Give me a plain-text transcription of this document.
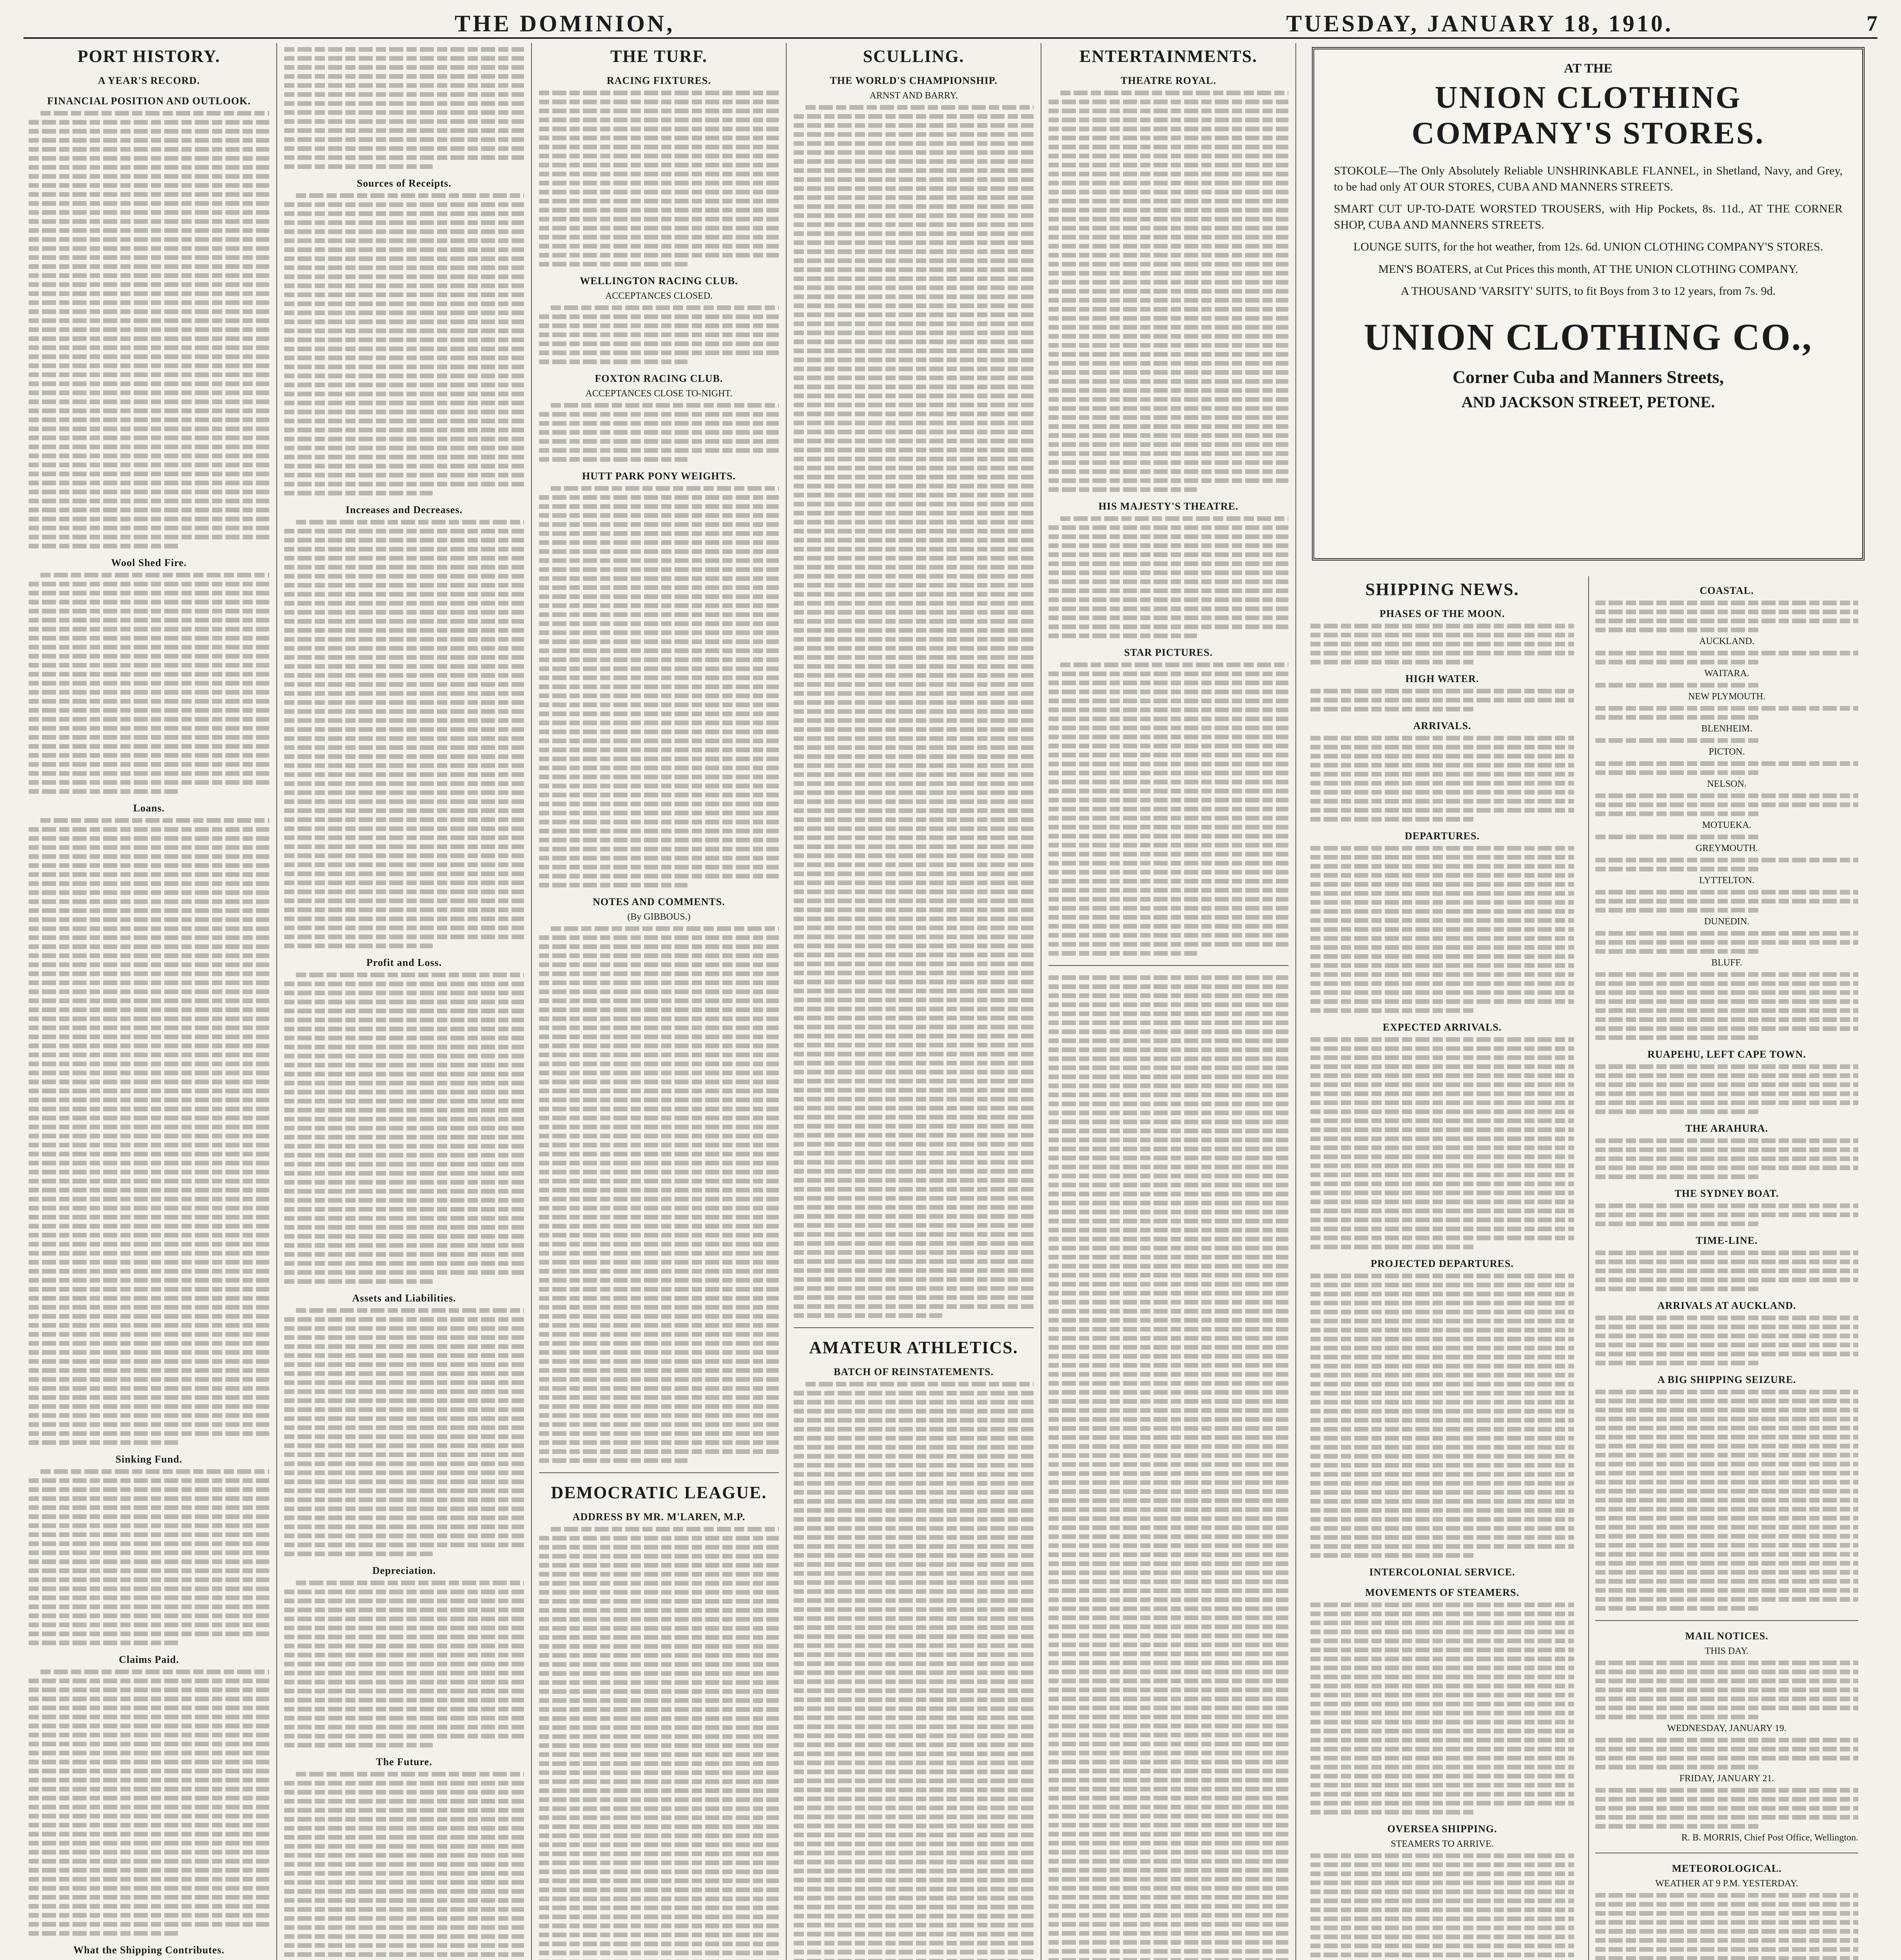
THE DOMINION,	TUESDAY, JANUARY 18, 1910.	7
PORT HISTORY.
A YEAR'S RECORD.
FINANCIAL POSITION AND OUTLOOK.
Wool Shed Fire.
Loans.
Sinking Fund.
Claims Paid.
What the Shipping Contributes.
Sources of Receipts.
Increases and Decreases.
Profit and Loss.
Assets and Liabilities.
Depreciation.
The Future.
THE TURF.
RACING FIXTURES.
WELLINGTON RACING CLUB.
ACCEPTANCES CLOSED.
FOXTON RACING CLUB.
ACCEPTANCES CLOSE TO-NIGHT.
HUTT PARK PONY WEIGHTS.
NOTES AND COMMENTS.
(By GIBBOUS.)
DEMOCRATIC LEAGUE.
ADDRESS BY MR. M'LAREN, M.P.
SCULLING.
THE WORLD'S CHAMPIONSHIP.
ARNST AND BARRY.
AMATEUR ATHLETICS.
BATCH OF REINSTATEMENTS.
ENTERTAINMENTS.
THEATRE ROYAL.
HIS MAJESTY'S THEATRE.
STAR PICTURES.
AT THE
UNION CLOTHING COMPANY'S STORES.

STOKOLE—The Only Absolutely Reliable UNSHRINKABLE FLANNEL, in Shetland, Navy, and Grey, to be had only AT OUR STORES, CUBA AND MANNERS STREETS.

SMART CUT UP-TO-DATE WORSTED TROUSERS, with Hip Pockets, 8s. 11d., AT THE CORNER SHOP, CUBA AND MANNERS STREETS.

LOUNGE SUITS, for the hot weather, from 12s. 6d. UNION CLOTHING COMPANY'S STORES.

MEN'S BOATERS, at Cut Prices this month, AT THE UNION CLOTHING COMPANY.

A THOUSAND 'VARSITY' SUITS, to fit Boys from 3 to 12 years, from 7s. 9d.

UNION CLOTHING CO.,
Corner Cuba and Manners Streets,
AND JACKSON STREET, PETONE.
SHIPPING NEWS.
PHASES OF THE MOON.
HIGH WATER.
ARRIVALS.
DEPARTURES.
EXPECTED ARRIVALS.
PROJECTED DEPARTURES.
INTERCOLONIAL SERVICE.
MOVEMENTS OF STEAMERS.
OVERSEA SHIPPING.
STEAMERS TO ARRIVE.
COASTAL.
AUCKLAND.
WAITARA.
NEW PLYMOUTH.
BLENHEIM.
PICTON.
NELSON.
MOTUEKA.
GREYMOUTH.
LYTTELTON.
DUNEDIN.
BLUFF.
RUAPEHU, LEFT CAPE TOWN.
THE ARAHURA.
THE SYDNEY BOAT.
TIME-LINE.
ARRIVALS AT AUCKLAND.
A BIG SHIPPING SEIZURE.
MAIL NOTICES.
THIS DAY.
WEDNESDAY, JANUARY 19.
FRIDAY, JANUARY 21.
R. B. MORRIS, Chief Post Office, Wellington.
METEOROLOGICAL.
WEATHER AT 9 P.M. YESTERDAY.
